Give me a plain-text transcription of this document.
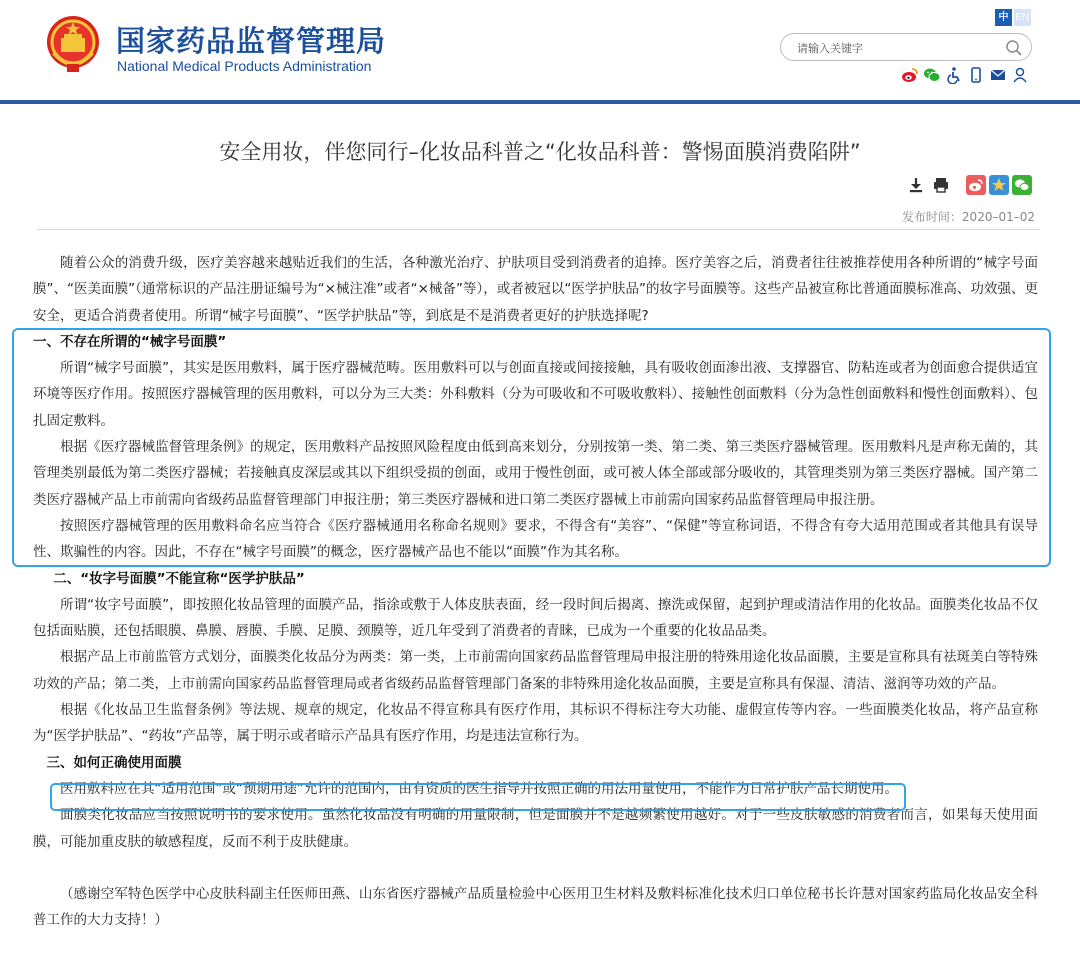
国家药品监督管理局
National Medical Products Administration
中 EN
请输入关键字
安全用妆，伴您同行–化妆品科普之“化妆品科普：警惕面膜消费陷阱”
发布时间：2020–01–02

随着公众的消费升级，医疗美容越来越贴近我们的生活，各种激光治疗、护肤项目受到消费者的追捧。医疗美容之后，消费者往往被推荐使用各种所谓的“械字号面膜”、“医美面膜”（通常标识的产品注册证编号为“×械注准”或者“×械备”等），或者被冠以“医学护肤品”的妆字号面膜等。这些产品被宣称比普通面膜标准高、功效强、更安全，更适合消费者使用。所谓“械字号面膜”、“医学护肤品”等，到底是不是消费者更好的护肤选择呢?

一、不存在所谓的“械字号面膜”

所谓“械字号面膜”，其实是医用敷料，属于医疗器械范畴。医用敷料可以与创面直接或间接接触，具有吸收创面渗出液、支撑器官、防粘连或者为创面愈合提供适宜环境等医疗作用。按照医疗器械管理的医用敷料，可以分为三大类：外科敷料（分为可吸收和不可吸收敷料）、接触性创面敷料（分为急性创面敷料和慢性创面敷料）、包扎固定敷料。

根据《医疗器械监督管理条例》的规定，医用敷料产品按照风险程度由低到高来划分，分别按第一类、第二类、第三类医疗器械管理。医用敷料凡是声称无菌的，其管理类别最低为第二类医疗器械；若接触真皮深层或其以下组织受损的创面，或用于慢性创面，或可被人体全部或部分吸收的，其管理类别为第三类医疗器械。国产第二类医疗器械产品上市前需向省级药品监督管理部门申报注册；第三类医疗器械和进口第二类医疗器械上市前需向国家药品监督管理局申报注册。

按照医疗器械管理的医用敷料命名应当符合《医疗器械通用名称命名规则》要求，不得含有“美容”、“保健”等宣称词语，不得含有夸大适用范围或者其他具有误导性、欺骗性的内容。因此，不存在“械字号面膜”的概念，医疗器械产品也不能以“面膜”作为其名称。

二、“妆字号面膜”不能宣称“医学护肤品”

所谓“妆字号面膜”，即按照化妆品管理的面膜产品，指涂或敷于人体皮肤表面，经一段时间后揭离、擦洗或保留，起到护理或清洁作用的化妆品。面膜类化妆品不仅包括面贴膜，还包括眼膜、鼻膜、唇膜、手膜、足膜、颈膜等，近几年受到了消费者的青睐，已成为一个重要的化妆品品类。

根据产品上市前监管方式划分，面膜类化妆品分为两类：第一类，上市前需向国家药品监督管理局申报注册的特殊用途化妆品面膜，主要是宣称具有祛斑美白等特殊功效的产品；第二类，上市前需向国家药品监督管理局或者省级药品监督管理部门备案的非特殊用途化妆品面膜，主要是宣称具有保湿、清洁、滋润等功效的产品。

根据《化妆品卫生监督条例》等法规、规章的规定，化妆品不得宣称具有医疗作用，其标识不得标注夸大功能、虚假宣传等内容。一些面膜类化妆品，将产品宣称为“医学护肤品”、“药妆”产品等，属于明示或者暗示产品具有医疗作用，均是违法宣称行为。

三、如何正确使用面膜

医用敷料应在其“适用范围”或“预期用途”允许的范围内，由有资质的医生指导并按照正确的用法用量使用，不能作为日常护肤产品长期使用。

面膜类化妆品应当按照说明书的要求使用。虽然化妆品没有明确的用量限制，但是面膜并不是越频繁使用越好。对于一些皮肤敏感的消费者而言，如果每天使用面膜，可能加重皮肤的敏感程度，反而不利于皮肤健康。

（感谢空军特色医学中心皮肤科副主任医师田燕、山东省医疗器械产品质量检验中心医用卫生材料及敷料标准化技术归口单位秘书长许慧对国家药监局化妆品安全科普工作的大力支持！）
